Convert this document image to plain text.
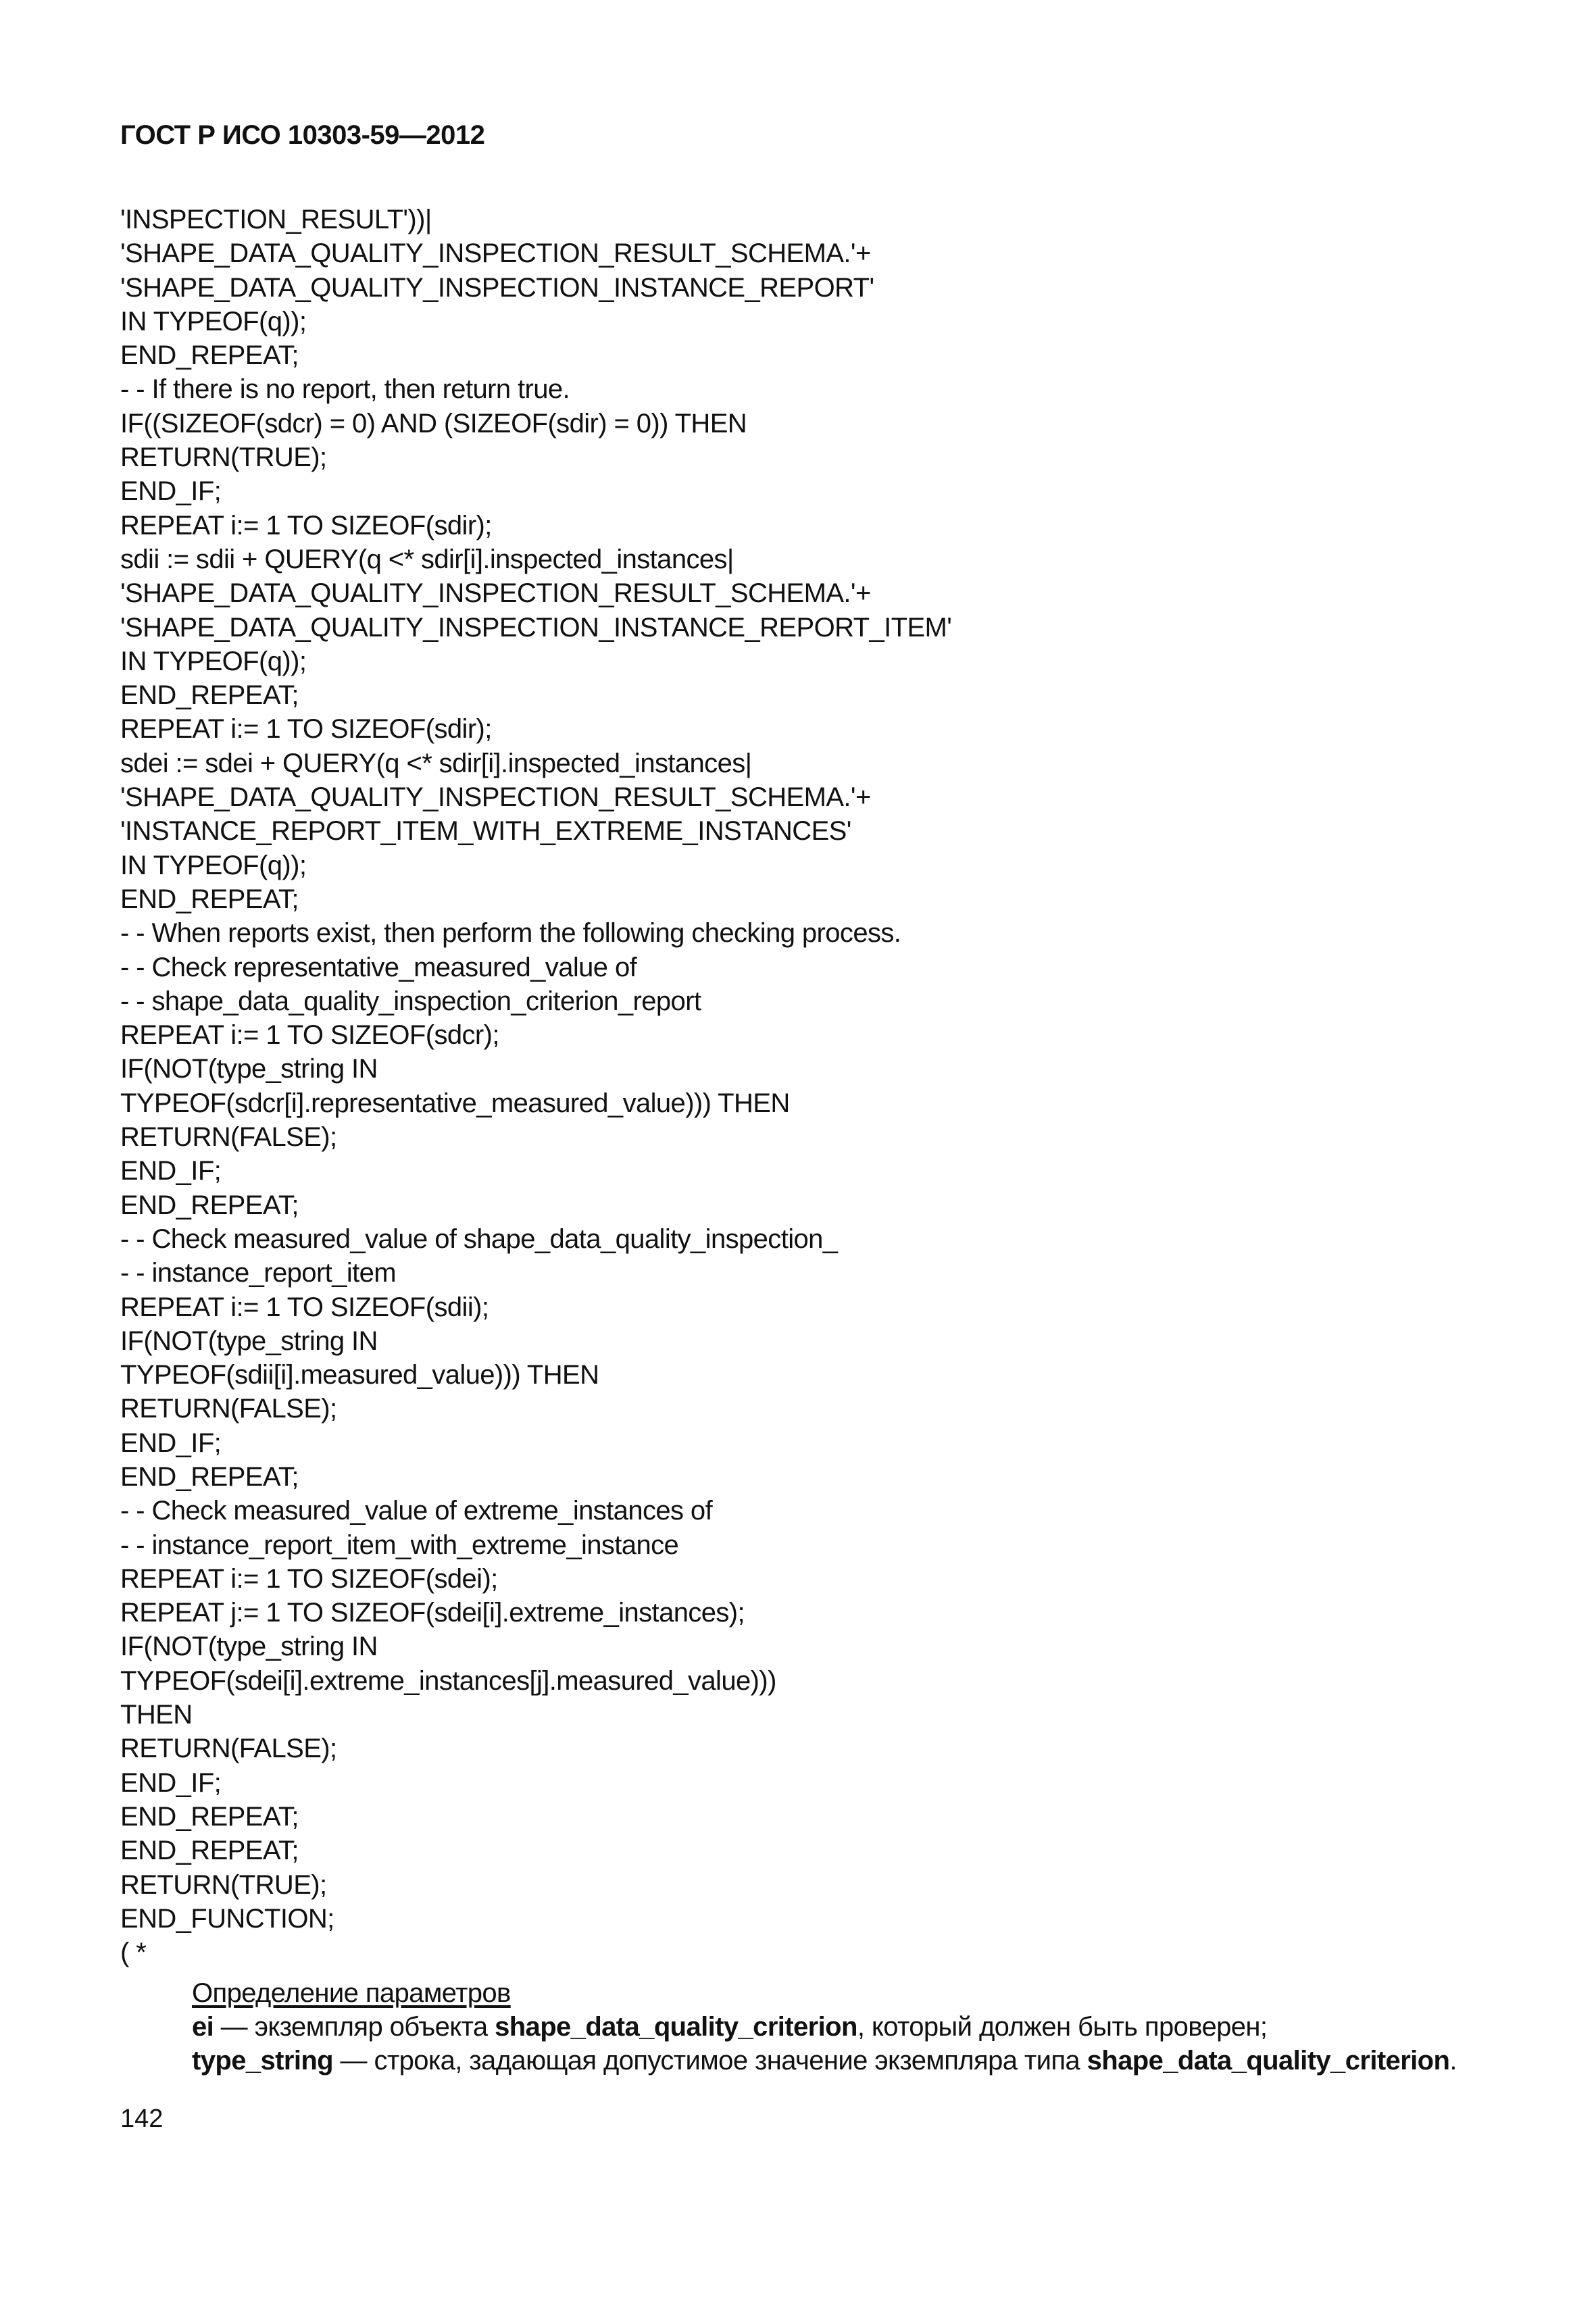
ГОСТ Р ИСО 10303-59—2012
'INSPECTION_RESULT'))|
'SHAPE_DATA_QUALITY_INSPECTION_RESULT_SCHEMA.'+
'SHAPE_DATA_QUALITY_INSPECTION_INSTANCE_REPORT'
IN TYPEOF(q));
END_REPEAT;
- - If there is no report, then return true.
IF((SIZEOF(sdcr) = 0) AND (SIZEOF(sdir) = 0)) THEN
RETURN(TRUE);
END_IF;
REPEAT i:= 1 TO SIZEOF(sdir);
sdii := sdii + QUERY(q <* sdir[i].inspected_instances|
'SHAPE_DATA_QUALITY_INSPECTION_RESULT_SCHEMA.'+
'SHAPE_DATA_QUALITY_INSPECTION_INSTANCE_REPORT_ITEM'
IN TYPEOF(q));
END_REPEAT;
REPEAT i:= 1 TO SIZEOF(sdir);
sdei := sdei + QUERY(q <* sdir[i].inspected_instances|
'SHAPE_DATA_QUALITY_INSPECTION_RESULT_SCHEMA.'+
'INSTANCE_REPORT_ITEM_WITH_EXTREME_INSTANCES'
IN TYPEOF(q));
END_REPEAT;
- - When reports exist, then perform the following checking process.
- - Check representative_measured_value of
- - shape_data_quality_inspection_criterion_report
REPEAT i:= 1 TO SIZEOF(sdcr);
IF(NOT(type_string IN
TYPEOF(sdcr[i].representative_measured_value))) THEN
RETURN(FALSE);
END_IF;
END_REPEAT;
- - Check measured_value of shape_data_quality_inspection_
- - instance_report_item
REPEAT i:= 1 TO SIZEOF(sdii);
IF(NOT(type_string IN
TYPEOF(sdii[i].measured_value))) THEN
RETURN(FALSE);
END_IF;
END_REPEAT;
- - Check measured_value of extreme_instances of
- - instance_report_item_with_extreme_instance
REPEAT i:= 1 TO SIZEOF(sdei);
REPEAT j:= 1 TO SIZEOF(sdei[i].extreme_instances);
IF(NOT(type_string IN
TYPEOF(sdei[i].extreme_instances[j].measured_value)))
THEN
RETURN(FALSE);
END_IF;
END_REPEAT;
END_REPEAT;
RETURN(TRUE);
END_FUNCTION;
( *
Определение параметров
ei — экземпляр объекта shape_data_quality_criterion, который должен быть проверен;
type_string — строка, задающая допустимое значение экземпляра типа shape_data_quality_criterion.
142
